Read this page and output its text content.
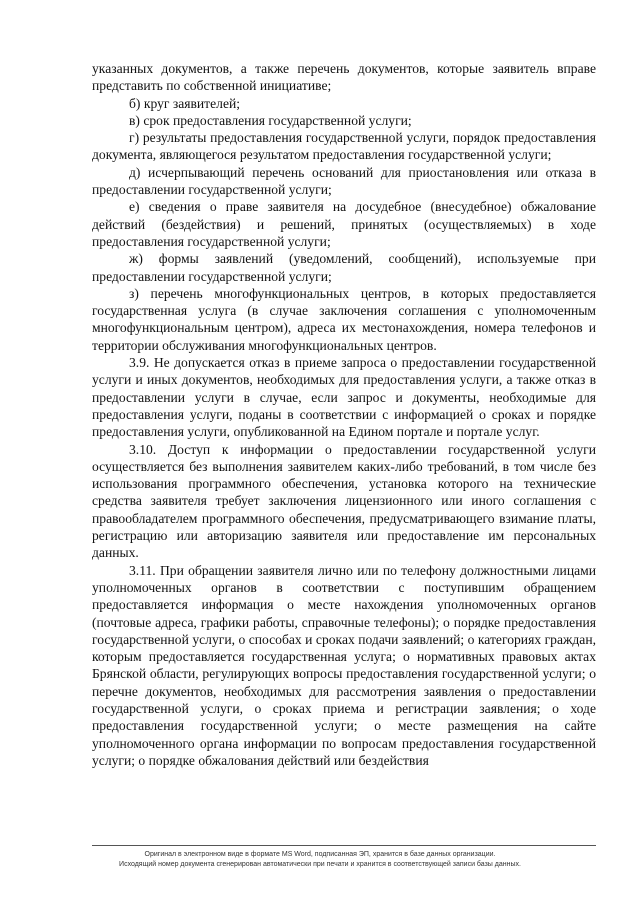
указанных документов, а также перечень документов, которые заявитель вправе представить по собственной инициативе;

б) круг заявителей;

в) срок предоставления государственной услуги;

г) результаты предоставления государственной услуги, порядок предоставления документа, являющегося результатом предоставления государственной услуги;

д) исчерпывающий перечень оснований для приостановления или отказа в предоставлении государственной услуги;

е) сведения о праве заявителя на досудебное (внесудебное) обжалование действий (бездействия) и решений, принятых (осуществляемых) в ходе предоставления государственной услуги;

ж) формы заявлений (уведомлений, сообщений), используемые при предоставлении государственной услуги;

з) перечень многофункциональных центров, в которых предоставляется государственная услуга (в случае заключения соглашения с уполномоченным многофункциональным центром), адреса их местонахождения, номера телефонов и территории обслуживания многофункциональных центров.

3.9. Не допускается отказ в приеме запроса о предоставлении государственной услуги и иных документов, необходимых для предоставления услуги, а также отказ в предоставлении услуги в случае, если запрос и документы, необходимые для предоставления услуги, поданы в соответствии с информацией о сроках и порядке предоставления услуги, опубликованной на Едином портале и портале услуг.

3.10. Доступ к информации о предоставлении государственной услуги осуществляется без выполнения заявителем каких-либо требований, в том числе без использования программного обеспечения, установка которого на технические средства заявителя требует заключения лицензионного или иного соглашения с правообладателем программного обеспечения, предусматривающего взимание платы, регистрацию или авторизацию заявителя или предоставление им персональных данных.

3.11. При обращении заявителя лично или по телефону должностными лицами уполномоченных органов в соответствии с поступившим обращением предоставляется информация о месте нахождения уполномоченных органов (почтовые адреса, графики работы, справочные телефоны); о порядке предоставления государственной услуги, о способах и сроках подачи заявлений; о категориях граждан, которым предоставляется государственная услуга; о нормативных правовых актах Брянской области, регулирующих вопросы предоставления государственной услуги; о перечне документов, необходимых для рассмотрения заявления о предоставлении государственной услуги, о сроках приема и регистрации заявления; о ходе предоставления государственной услуги; о месте размещения на сайте уполномоченного органа информации по вопросам предоставления государственной услуги; о порядке обжалования действий или бездействия

Оригинал в электронном виде в формате MS Word, подписанная ЭП, хранится в базе данных организации.
Исходящий номер документа сгенерирован автоматически при печати и хранится в соответствующей записи базы данных.
